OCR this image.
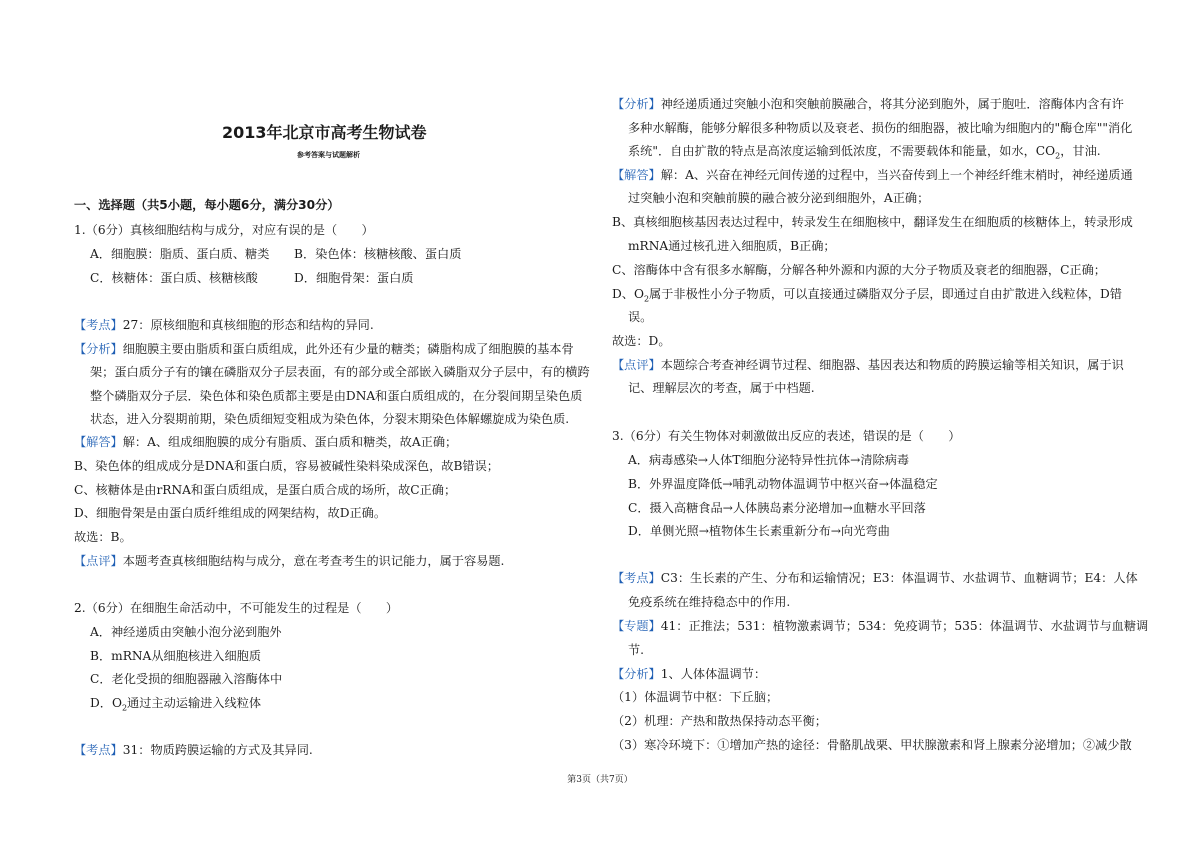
2013年北京市高考生物试卷
参考答案与试题解析
一、选择题（共5小题，每小题6分，满分30分）
1.（6分）真核细胞结构与成分，对应有误的是（　　）
A．细胞膜：脂质、蛋白质、糖类 B．染色体：核糖核酸、蛋白质
C．核糖体：蛋白质、核糖核酸	D．细胞骨架：蛋白质
【考点】27：原核细胞和真核细胞的形态和结构的异同.
【分析】细胞膜主要由脂质和蛋白质组成，此外还有少量的糖类；磷脂构成了细胞膜的基本骨
架；蛋白质分子有的镶在磷脂双分子层表面，有的部分或全部嵌入磷脂双分子层中，有的横跨
整个磷脂双分子层．染色体和染色质都主要是由DNA和蛋白质组成的，在分裂间期呈染色质
状态，进入分裂期前期，染色质细短变粗成为染色体，分裂末期染色体解螺旋成为染色质.
【解答】解：A、组成细胞膜的成分有脂质、蛋白质和糖类，故A正确；
B、染色体的组成成分是DNA和蛋白质，容易被碱性染料染成深色，故B错误；
C、核糖体是由rRNA和蛋白质组成，是蛋白质合成的场所，故C正确；
D、细胞骨架是由蛋白质纤维组成的网架结构，故D正确。
故选：B。
【点评】本题考查真核细胞结构与成分，意在考查考生的识记能力，属于容易题.
2.（6分）在细胞生命活动中，不可能发生的过程是（　　）
A．神经递质由突触小泡分泌到胞外
B．mRNA从细胞核进入细胞质
C．老化受损的细胞器融入溶酶体中
D．$O_2$通过主动运输进入线粒体
【考点】31：物质跨膜运输的方式及其异同.
【分析】神经递质通过突触小泡和突触前膜融合，将其分泌到胞外，属于胞吐．溶酶体内含有许
多种水解酶，能够分解很多种物质以及衰老、损伤的细胞器，被比喻为细胞内的"酶仓库""消化
系统"．自由扩散的特点是高浓度运输到低浓度，不需要载体和能量，如水，$CO_2$，甘油.
【解答】解：A、兴奋在神经元间传递的过程中，当兴奋传到上一个神经纤维末梢时，神经递质通
过突触小泡和突触前膜的融合被分泌到细胞外，A正确；
B、真核细胞核基因表达过程中，转录发生在细胞核中，翻译发生在细胞质的核糖体上，转录形成
mRNA通过核孔进入细胞质，B正确；
C、溶酶体中含有很多水解酶，分解各种外源和内源的大分子物质及衰老的细胞器，C正确；
D、$O_2$属于非极性小分子物质，可以直接通过磷脂双分子层，即通过自由扩散进入线粒体，D错
误。
故选：D。
【点评】本题综合考查神经调节过程、细胞器、基因表达和物质的跨膜运输等相关知识，属于识
记、理解层次的考查，属于中档题.
3.（6分）有关生物体对刺激做出反应的表述，错误的是（　　）
A．病毒感染→人体T细胞分泌特异性抗体→清除病毒
B．外界温度降低→哺乳动物体温调节中枢兴奋→体温稳定
C．摄入高糖食品→人体胰岛素分泌增加→血糖水平回落
D．单侧光照→植物体生长素重新分布→向光弯曲
【考点】C3：生长素的产生、分布和运输情况；E3：体温调节、水盐调节、血糖调节；E4：人体
免疫系统在维持稳态中的作用.
【专题】41：正推法；531：植物激素调节；534：免疫调节；535：体温调节、水盐调节与血糖调
节.
【分析】1、人体体温调节：
（1）体温调节中枢：下丘脑；
（2）机理：产热和散热保持动态平衡；
（3）寒冷环境下：①增加产热的途径：骨骼肌战栗、甲状腺激素和肾上腺素分泌增加；②减少散
第3页（共7页）
